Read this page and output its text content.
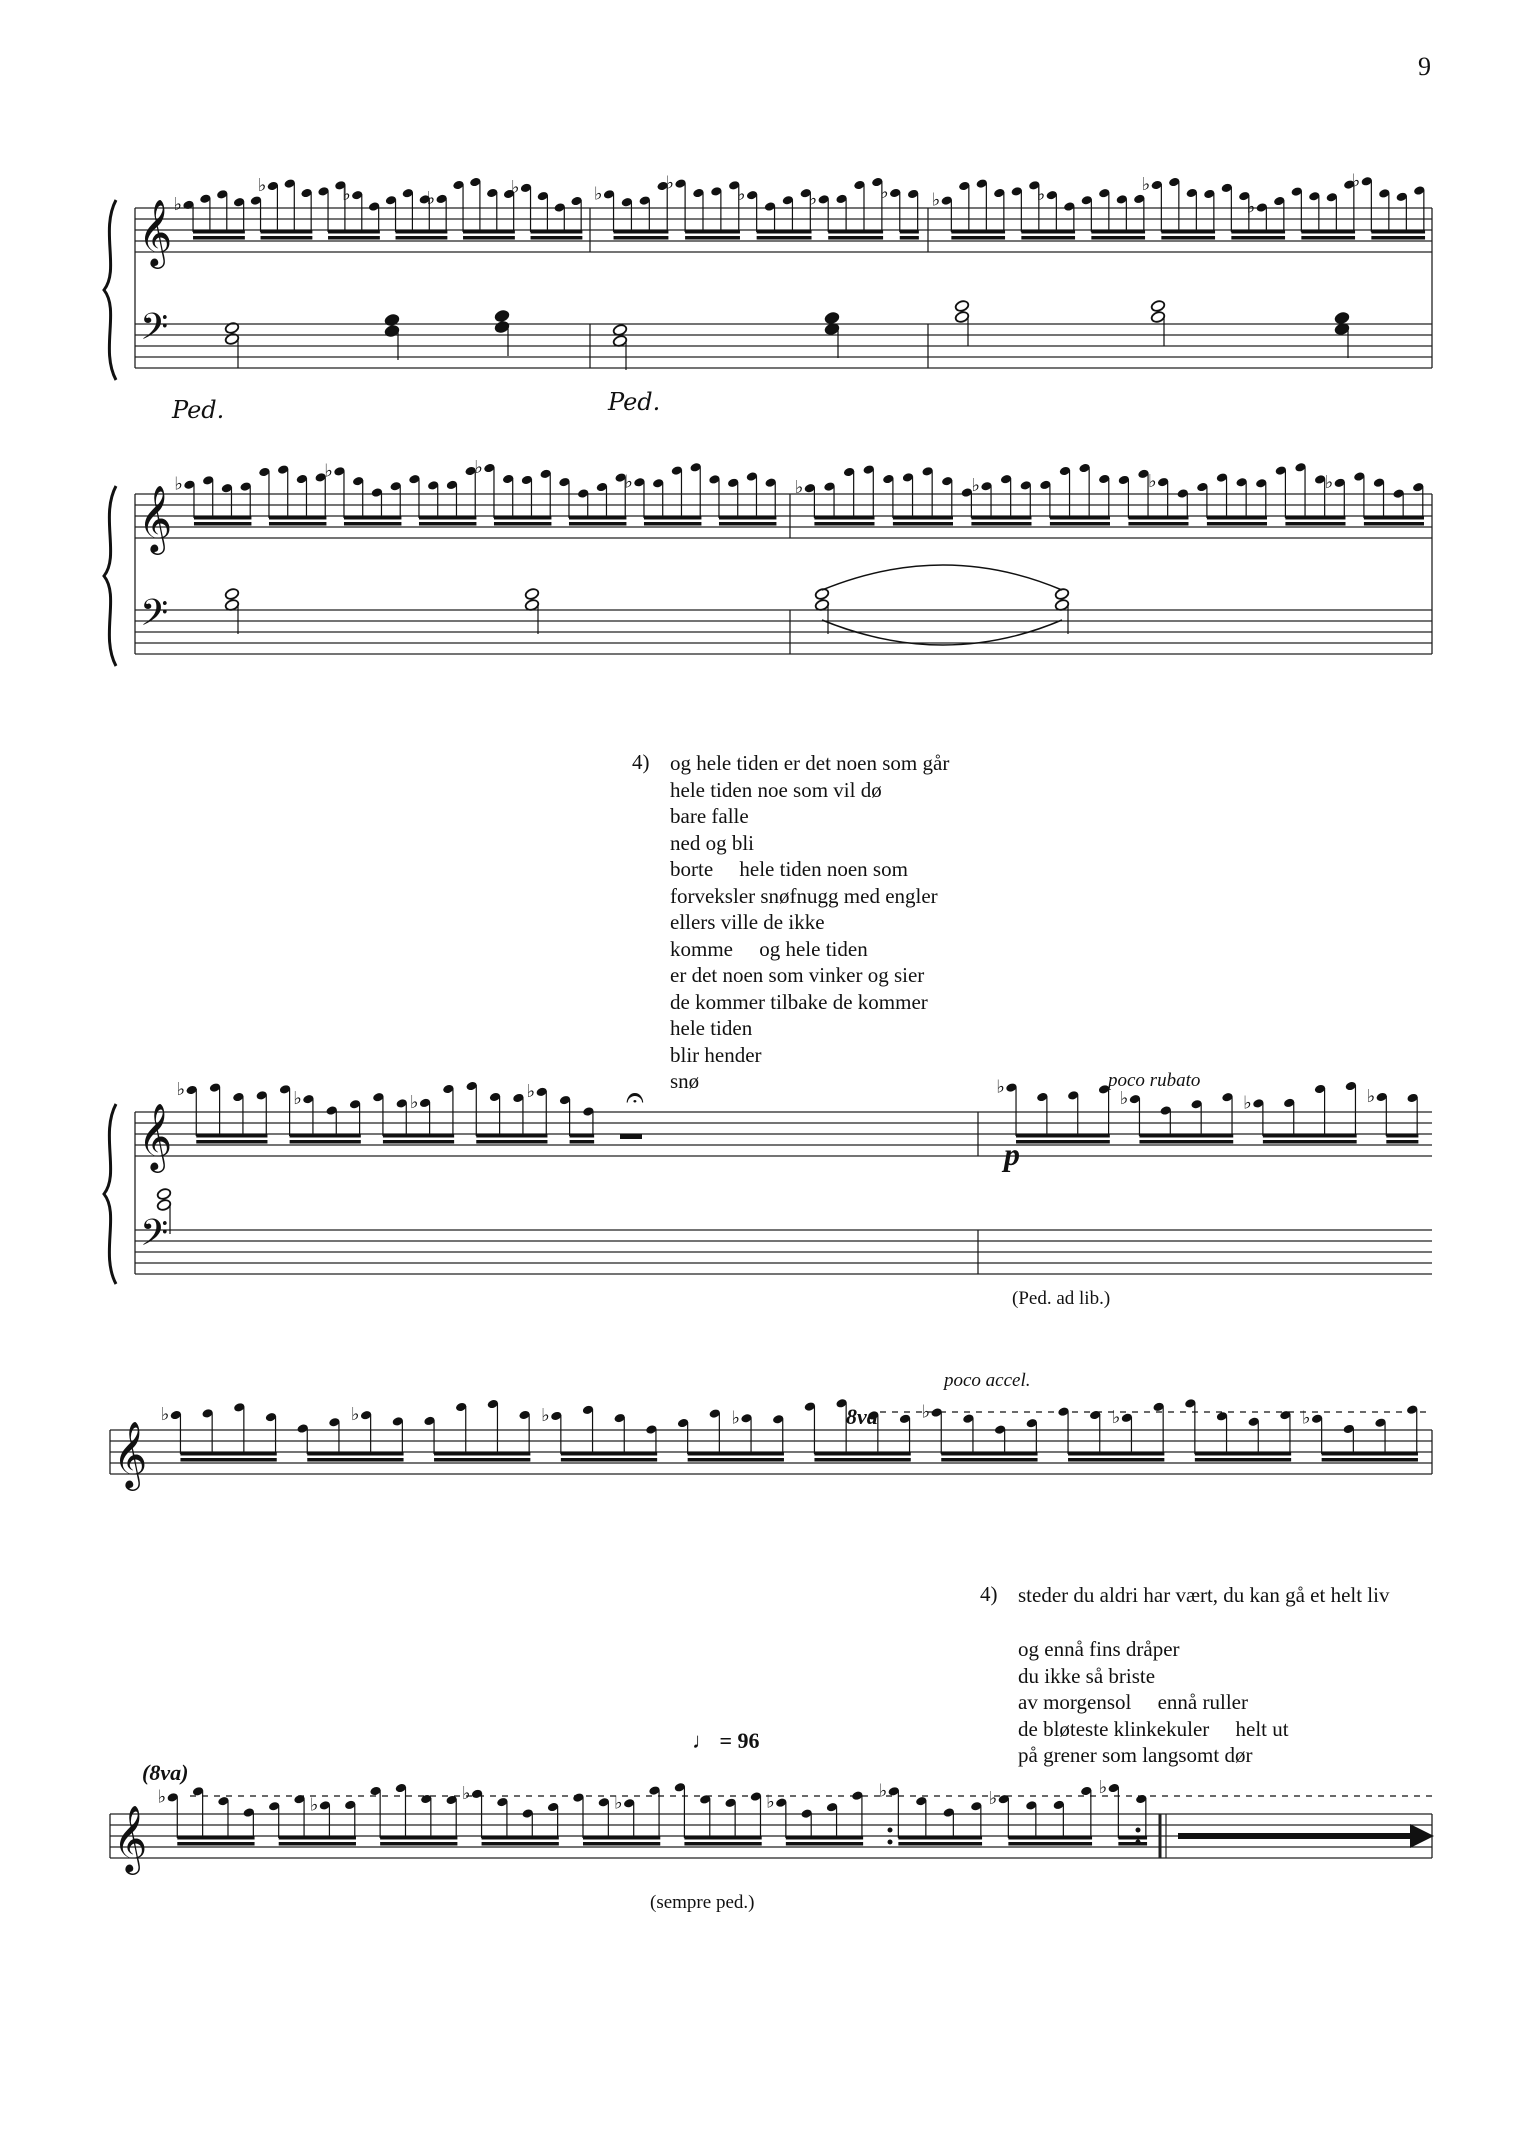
9
𝄞
𝄢
♭
♭	♭	♭
♭	♭
♭
♭	♭	♭ ♭	♭	♭
♭
♭
𝄞
𝄢
♭
♭	♭
♭	♭	♭	♭	♭
𝄞
𝄢
♭	♭	♭
♭	𝄐	♭
♭	♭	♭
𝄞
♭	♭	♭	♭	♭	♭	♭
𝄞
♭	♭
♭	♭	♭
♭	♭
♭
Ped.	Ped.
4) og hele tiden er det noen som går
hele tiden noe som vil dø
bare falle
ned og bli
borte     hele tiden noen som
forveksler snøfnugg med engler
ellers ville de ikke
komme     og hele tiden
er det noen som vinker og sier
de kommer tilbake de kommer
hele tiden
blir hender
snø	poco rubato
p
(Ped. ad lib.)
poco accel.
8va
4) steder du aldri har vært, du kan gå et helt liv
og ennå fins dråper
du ikke så briste
av morgensol     ennå ruller
de bløteste klinkekuler     helt ut
på grener som langsomt dør
♩ = 96
(8va)
(sempre ped.)
